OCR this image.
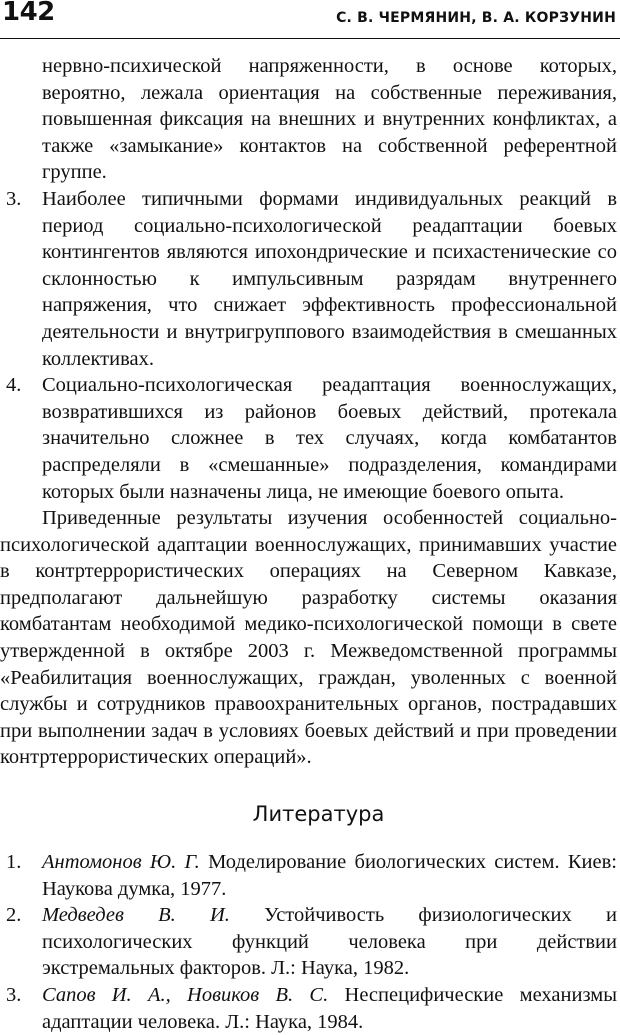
142	С. В. ЧЕРМЯНИН, В. А. КОРЗУНИН

нервно-психической напряженности, в основе которых, вероятно, лежала ориентация на собственные переживания, повышенная фиксация на внешних и внутренних конфликтах, а также «замыкание» контактов на собственной референтной группе.

3. Наиболее типичными формами индивидуальных реакций в период социально-психологической реадаптации боевых контингентов являются ипохондрические и психастенические со склонностью к импульсивным разрядам внутреннего напряжения, что снижает эффективность профессиональной деятельности и внутригруппового взаимодействия в смешанных коллективах.
4. Социально-психологическая реадаптация военнослужащих, возвратившихся из районов боевых действий, протекала значительно сложнее в тех случаях, когда комбатантов распределяли в «смешанные» подразделения, командирами которых были назначены лица, не имеющие боевого опыта.

Приведенные результаты изучения особенностей социально-психологической адаптации военнослужащих, принимавших участие в контртеррористических операциях на Северном Кавказе, предполагают дальнейшую разработку системы оказания комбатантам необходимой медико-психологической помощи в свете утвержденной в октябре 2003 г. Межведомственной программы «Реабилитация военнослужащих, граждан, уволенных с военной службы и сотрудников правоохранительных органов, пострадавших при выполнении задач в условиях боевых действий и при проведении контртеррористических операций».

Литература
1. Антомонов Ю. Г. Моделирование биологических систем. Киев: Наукова думка, 1977.
2. Медведев В. И. Устойчивость физиологических и психологических функций человека при действии экстремальных факторов. Л.: Наука, 1982.
3. Сапов И. А., Новиков В. С. Неспецифические механизмы адаптации человека. Л.: Наука, 1984.
